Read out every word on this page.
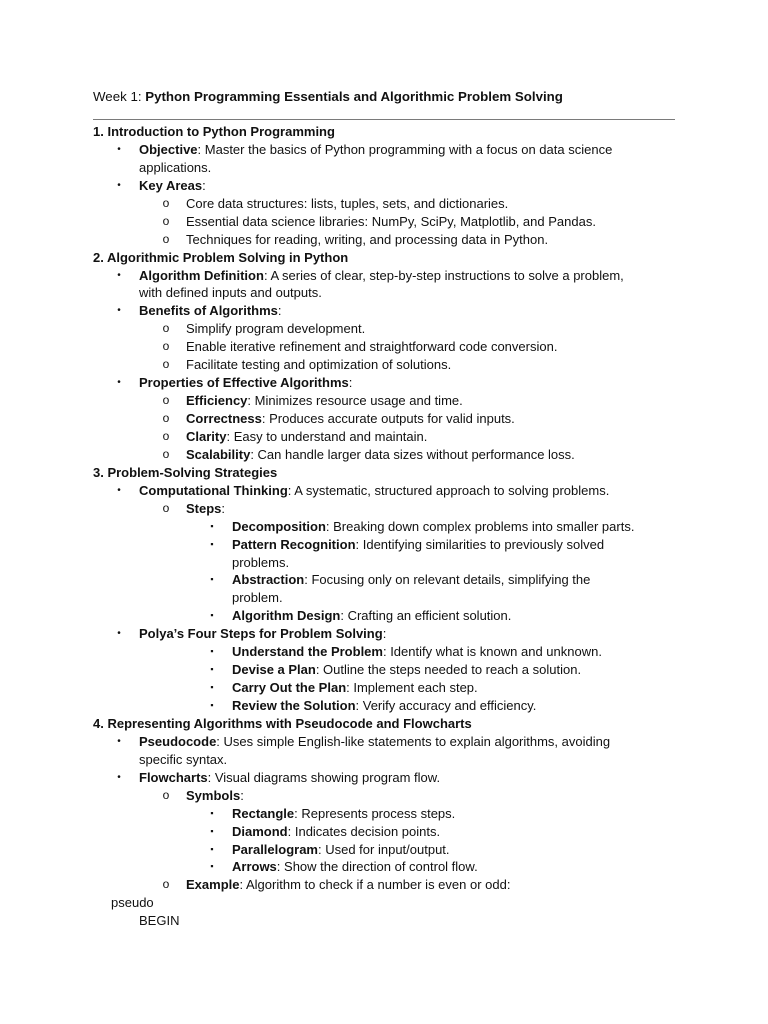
Week 1: Python Programming Essentials and Algorithmic Problem Solving
1. Introduction to Python Programming
•	Objective: Master the basics of Python programming with a focus on data science
applications.
•	Key Areas:
o Core data structures: lists, tuples, sets, and dictionaries.
o Essential data science libraries: NumPy, SciPy, Matplotlib, and Pandas.
o Techniques for reading, writing, and processing data in Python.
2. Algorithmic Problem Solving in Python
•	Algorithm Definition: A series of clear, step-by-step instructions to solve a problem,
with defined inputs and outputs.
•	Benefits of Algorithms:
o Simplify program development.
o Enable iterative refinement and straightforward code conversion.
o Facilitate testing and optimization of solutions.
•	Properties of Effective Algorithms:
o Efficiency: Minimizes resource usage and time.
o Correctness: Produces accurate outputs for valid inputs.
o Clarity: Easy to understand and maintain.
o Scalability: Can handle larger data sizes without performance loss.
3. Problem-Solving Strategies
•	Computational Thinking: A systematic, structured approach to solving problems.
o Steps:
▪	Decomposition: Breaking down complex problems into smaller parts.
▪	Pattern Recognition: Identifying similarities to previously solved
problems.
▪	Abstraction: Focusing only on relevant details, simplifying the
problem.
▪	Algorithm Design: Crafting an efficient solution.
•	Polya’s Four Steps for Problem Solving:
▪	Understand the Problem: Identify what is known and unknown.
▪	Devise a Plan: Outline the steps needed to reach a solution.
▪	Carry Out the Plan: Implement each step.
▪	Review the Solution: Verify accuracy and efficiency.
4. Representing Algorithms with Pseudocode and Flowcharts
•	Pseudocode: Uses simple English-like statements to explain algorithms, avoiding
specific syntax.
•	Flowcharts: Visual diagrams showing program flow.
o Symbols:
▪	Rectangle: Represents process steps.
▪	Diamond: Indicates decision points.
▪	Parallelogram: Used for input/output.
▪	Arrows: Show the direction of control flow.
o Example: Algorithm to check if a number is even or odd:
pseudo
BEGIN
